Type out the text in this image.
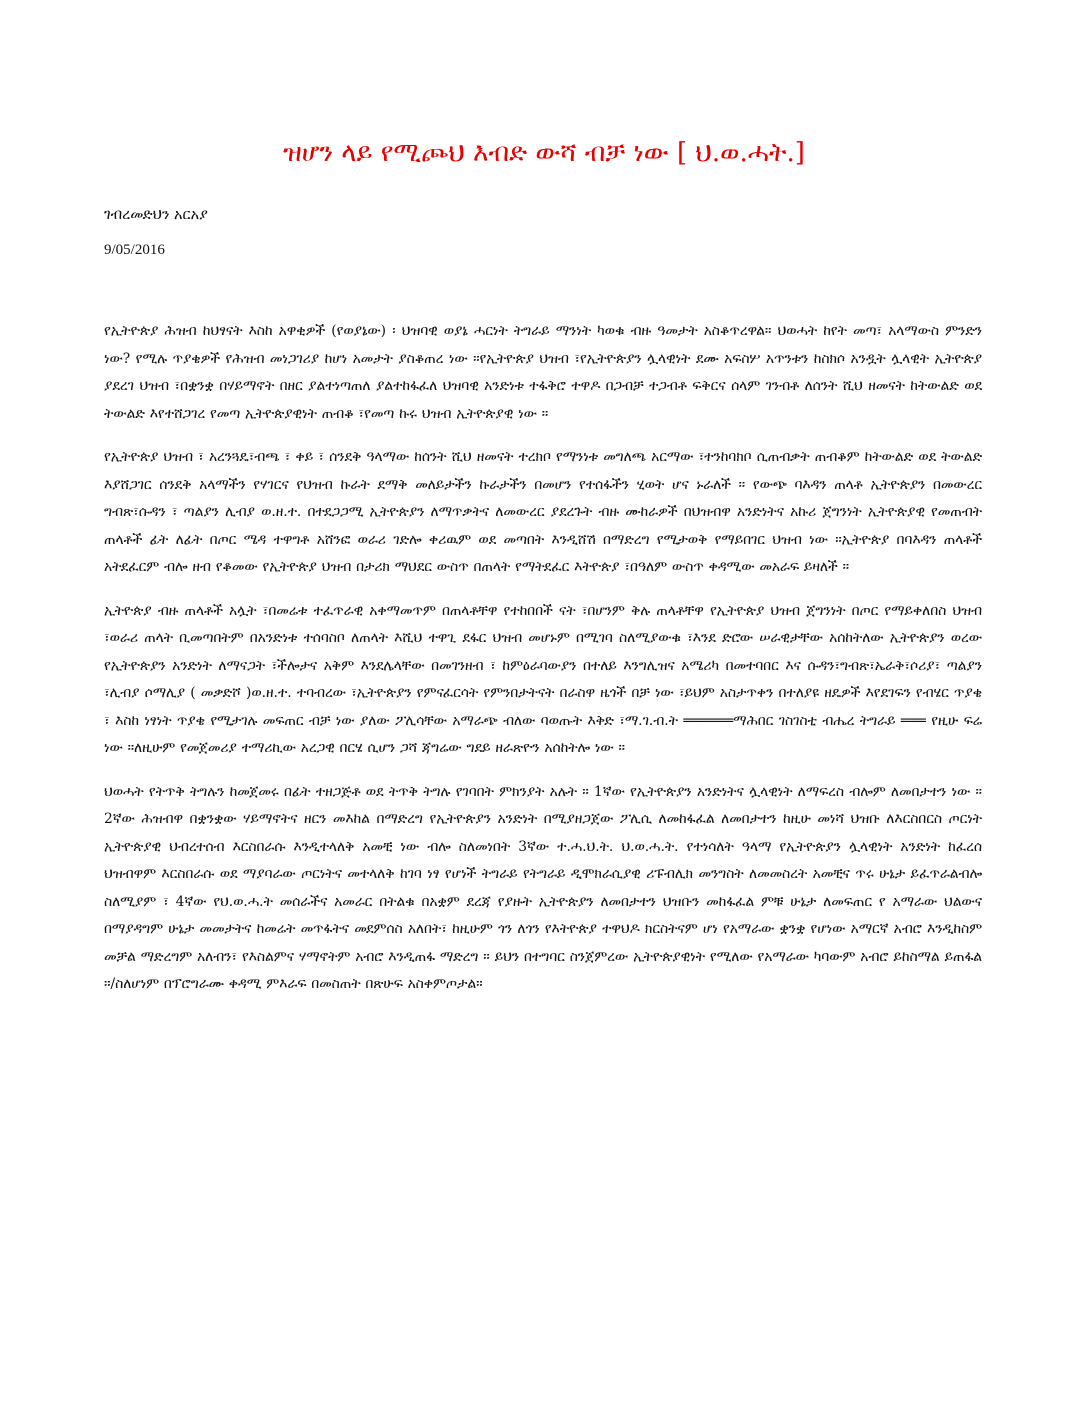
ዝሆን ላይ የሚጮህ እብድ ውሻ ብቻ ነው [ ህ.ወ.ሓት.]
ገብረመድህን አርአያ
9/05/2016

የኢትዮጵያ ሕዝብ ከህፃናት እስከ አዋቂዎች (የወያኔው) ፡ ህዝባዊ ወያኔ ሓርነት ትግራይ ማንነት ካወቁ ብዙ ዓመታት አስቆጥረዋል። ህወሓት ከየት መጣ፣ አላማውስ ምንድን ነው? የሚሉ ጥያቄዎች የሕዝብ መነጋገሪያ ከሆነ አመታት ያስቆጠረ ነው ።የኢትዮጵያ ህዝብ ፣የኢትዮጵያን ሏላዊነት ደሙ አፍስሦ አጥንቱን ከስክሶ አንዷት ሏላዊት ኢትዮጵያ ያደረገ ህዝብ ፣በቋንቋ በሃይማኖት በዘር ያልተነጣጠለ ያልተከፋፈለ ህዝባዊ አንድነቱ ተፋቅሮ ተዋዶ በጋብቻ ተጋብቶ ፍቅርና ሰላም ገንብቶ ለሰንት ሺህ ዘመናት ከትውልድ ወደ ትውልድ እየተሸጋገረ የመጣ ኢትዮጵያዊነት ጠብቆ ፣የመጣ ኩሩ ህዝብ ኢትዮጵያዊ ነው ።

የኢትዮጵያ ህዝብ ፣ አረንጓዴ፣ብጫ ፣ ቀይ ፣ ሰንደቅ ዓላማው ከሰንት ሺህ ዘመናት ተረክቦ የማንነቱ መግለጫ አርማው ፣ተንከባክቦ ሲጠብቃት ጠብቆም ከትውልድ ወደ ትውልድ እያሸጋገር ሰንደቅ አላማችን የሃገርና የህዝብ ኩራት ደማቅ መለይታችን ኩራታችን በመሆን የተሰፋችን ሂወት ሆና ኑራለች ። የውጭ ባእዳን ጠላቶ ኢትዮጵያን በመውረር ግብጽ፣ሱዳን ፣ ጣልያን ሊብያ ወ.ዘ.ተ. በተደጋጋሚ ኢትዮጵያን ለማጥቃትና ለመውረር ያደረጉት ብዙ ሙከራዎች በህዝብዋ አንድነትና አኩሪ ጀግንነት ኢትዮጵያዊ የመጠብት ጠላቶች ፊት ለፊት በጦር ሜዳ ተዋግቶ አሸንፎ ወራሪ ገድሎ ቀሪዉም ወደ መጣበት እንዲሸሽ በማድረግ የሚታወቅ የማይበገር ህዝብ ነው ።ኢትዮጵያ በባእዳን ጠላቶች አትደፈርም ብሎ ዘብ የቆመው የኢትዮጵያ ህዝብ በታሪክ ማህደር ውስጥ በጠላት የማትደፈር እትዮጵያ ፣በዓለም ውስጥ ቀዳሚው መአራፍ ይዛለች ።

ኢትዮጵያ ብዙ ጠላቶች አሏት ፣በመሬቱ ተፈጥራዊ አቀማመጥም በጠላቶቸዋ የተከበበች ናት ፣በሆንም ቅሉ ጠላቶቸዋ የኢትዮጵያ ህዝብ ጀግንነት በጦር የማይቀለበስ ህዝብ ፣ወራሪ ጠላት ቢመጣበትም በአንድነቱ ተሰባስቦ ለጠላት እሺህ ተዋጊ ደፋር ህዝብ መሆኑም በሚገባ ስለሚያውቁ ፣እንደ ድሮው ሠራዊታቸው አሰከትለው ኢትዮጵያን ወረው የኢትዮጵያን አንድነት ለማናጋት ፣ችሎታና አቅም እንደሌላቸው በመገንዘብ ፣ ከምዕራባውያን በተለይ እንግሊዝና አሜሪካ በመተባበር እና ሱዳን፣ግብጽ፣ኤራቅ፣ሶሪያ፣ ጣልያን ፣ሊብያ ሶማሊያ ( መቃድሾ )ወ.ዘ.ተ. ተባብረው ፣ኢትዮጵያን የምናፈርሳት የምንበታትናት በራስዋ ዜጎች በቻ ነው ፣ይህም አስታጥቀን በተለያዩ ዘዴዎች እየደገፍን የብሄር ጥያቄ ፣ እስከ ነፃነት ጥያቄ የሚታገሉ መፍጠር ብቻ ነው ያለው ፖሊሳቸው አማራጭ ብለው ባወጡት እቅድ ፣ማ.ገ.ብ.ት ══════ማሕበር ገስገስቲ ብሔረ ትግራይ ═══ የዚሁ ፍሬ ነው ።ለዚሁም የመጀመሪያ ተማሪኪው አረጋዊ በርሄ ሲሆን ጋሻ ጃግሬው ግደይ ዘራጽዮን አሰከትሎ ነው ።

ህወሓት የትጥቅ ትግሉን ከመጀመሩ በፊት ተዘጋጅቶ ወደ ትጥቅ ትግሉ የገባበት ምክንያት አሉት ። 1ኛው የኢትዮጵያን አንድነትና ሏላዊነት ለማፍረስ ብሎም ለመበታተን ነው ። 2ኛው ሕዝብዋ በቋንቋው ሃይማኖትና ዘርን መእከል በማድረግ የኢትዮጵያን አንድነት በሚያዘጋጀው ፖሊሲ ለመከፋፈል ለመበታተን ከዚሁ መነሻ ህዝቡ ለእርስበርስ ጦርነት ኢትዮጵያዊ ህብረተሰብ እርስበራሱ እንዲተላለቅ አመቺ ነው ብሎ ስለመነበት 3ኛው ተ.ሓ.ህ.ት. ህ.ወ.ሓ.ት. የተነሳለት ዓላማ የኢትዮጵያን ሏላዊነት አንድነት ከፈረሰ ህዝብዋም እርስበራሱ ወደ ማያባራው ጦርነትና መተላለቅ ከገባ ነፃ የሆነች ትግራይ የትግራይ ዲሞክራሲያዊ ሪፑብሊክ መንግስት ለመመስረት አመቺና ጥሩ ሁኔታ ይፈጥራልብሎ ስለሚያም ፣ 4ኛው የህ.ወ.ሓ.ት መሰራችና አመራር በትልቁ በአቋም ደረጃ የያዙት ኢትዮጵያን ለመበታተን ህዝቡን መከፋፈል ምቹ ሁኔታ ለመፍጠር የ አማራው ህልውና በማያዳግም ሁኔታ መመታትና ከመሬት መጥፋትና መደምሰስ አለበት፣ ከዚሁም ጎን ለጎን የእትዮጵያ ተዋህዶ ክርስትናም ሆነ የአማራው ቋንቋ የሆነው አማርኛ አብሮ እንዲከስም መቻል ማድረግም አለብን፣ የእስልምና ሃማኖትም አብሮ እንዲጠፋ ማድረግ ። ይህን በተግባር ስንጀምረው ኢትዮጵያዊነት የሚለው የአማራው ካባውም አብሮ ይከስማል ይጠፋል ።/ስለሆነም በፕሮግራሙ ቀዳሚ ምእራፍ በመስጠት በጽሁፍ አስቀምጦታል።
